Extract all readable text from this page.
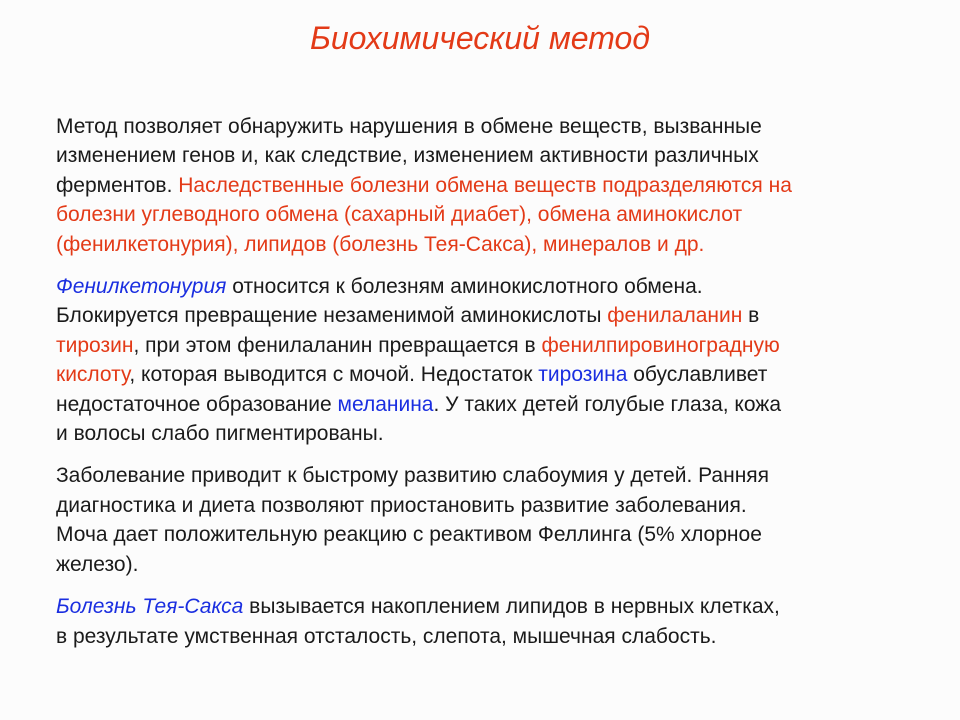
Биохимический метод

Метод позволяет обнаружить нарушения в обмене веществ, вызванные
изменением генов и, как следствие, изменением активности различных
ферментов. Наследственные болезни обмена веществ подразделяются на
болезни углеводного обмена (сахарный диабет), обмена аминокислот
(фенилкетонурия), липидов (болезнь Тея-Сакса), минералов и др.

Фенилкетонурия относится к болезням аминокислотного обмена.
Блокируется превращение незаменимой аминокислоты фенилаланин в
тирозин, при этом фенилаланин превращается в фенилпировиноградную
кислоту, которая выводится с мочой. Недостаток тирозина обуславливет
недостаточное образование меланина. У таких детей голубые глаза, кожа
и волосы слабо пигментированы.

Заболевание приводит к быстрому развитию слабоумия у детей. Ранняя
диагностика и диета позволяют приостановить развитие заболевания.
Моча дает положительную реакцию с реактивом Феллинга (5% хлорное
железо).

Болезнь Тея-Сакса вызывается накоплением липидов в нервных клетках,
в результате умственная отсталость, слепота, мышечная слабость.
